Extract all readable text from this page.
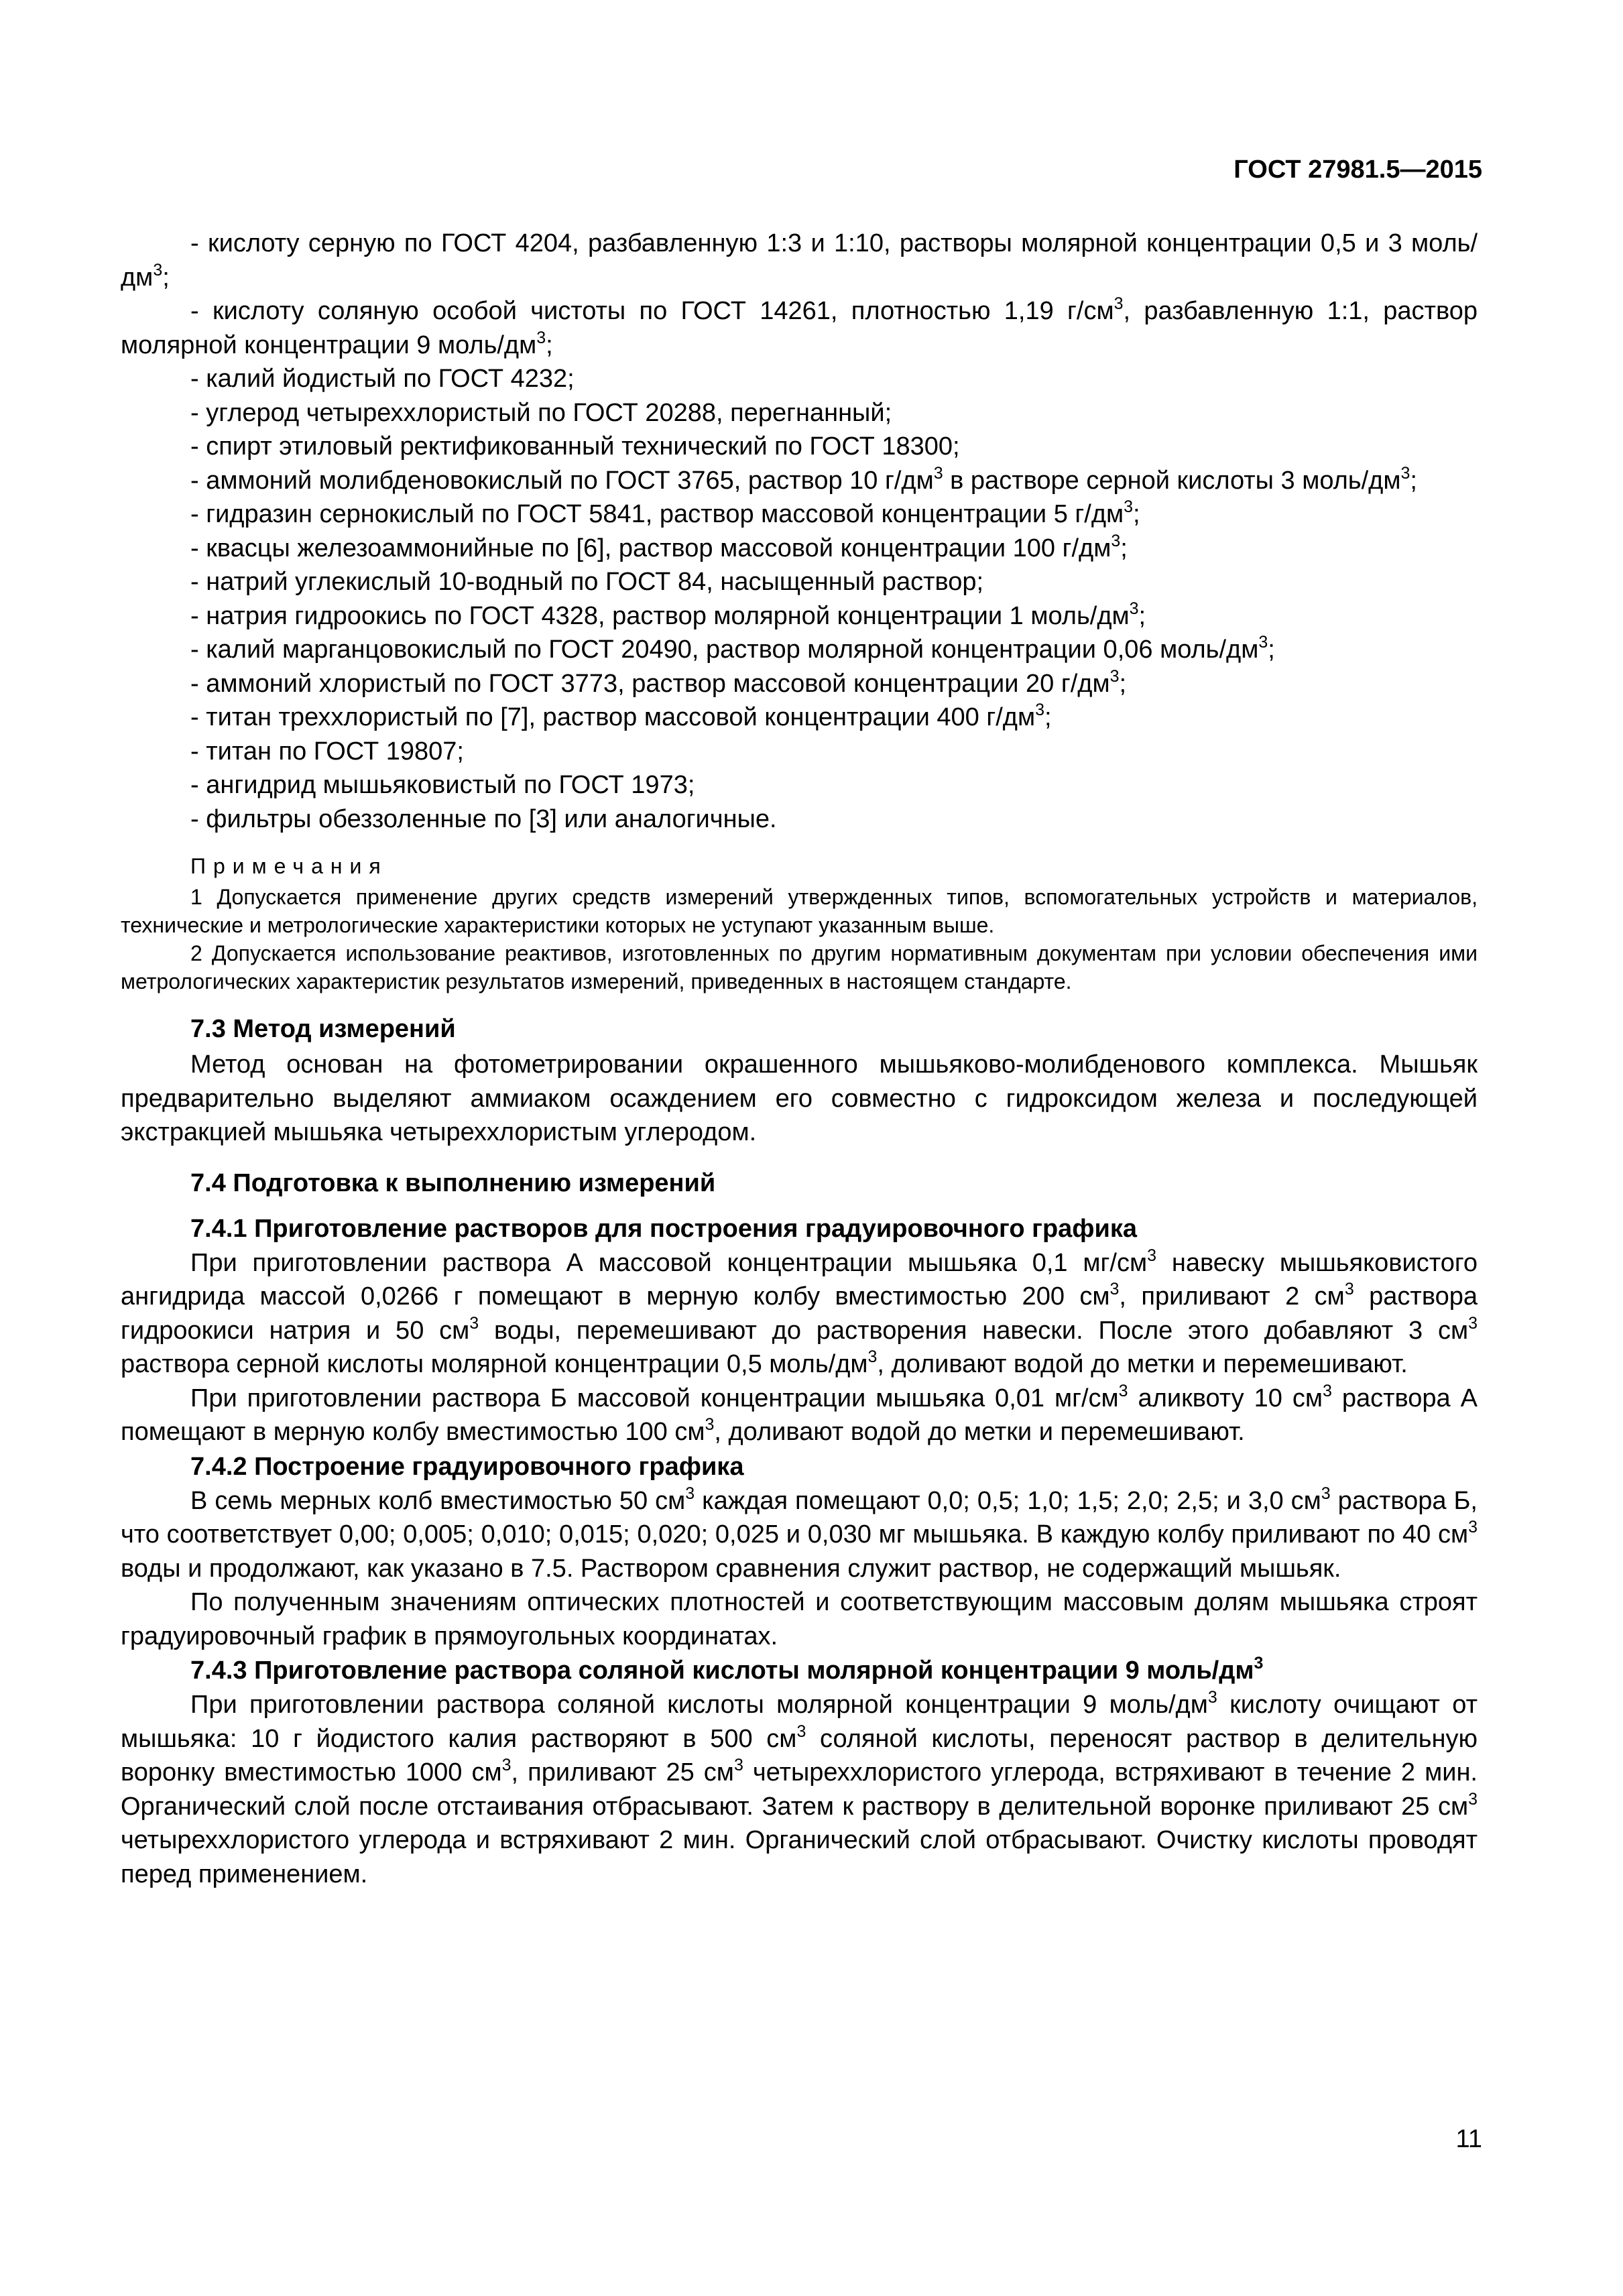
ГОСТ 27981.5—2015

- кислоту серную по ГОСТ 4204, разбавленную 1:3 и 1:10, растворы молярной концентрации 0,5 и 3 моль/$дм^3$;

- кислоту соляную особой чистоты по ГОСТ 14261, плотностью 1,19 $г/см^3$, разбавленную 1:1, раствор молярной концентрации 9 моль/$дм^3$;

- калий йодистый по ГОСТ 4232;

- углерод четыреххлористый по ГОСТ 20288, перегнанный;

- спирт этиловый ректификованный технический по ГОСТ 18300;

- аммоний молибденовокислый по ГОСТ 3765, раствор 10 $г/дм^3$ в растворе серной кислоты 3 моль/$дм^3$;

- гидразин сернокислый по ГОСТ 5841, раствор массовой концентрации 5 $г/дм^3$;

- квасцы железоаммонийные по [6], раствор массовой концентрации 100 $г/дм^3$;

- натрий углекислый 10-водный по ГОСТ 84, насыщенный раствор;

- натрия гидроокись по ГОСТ 4328, раствор молярной концентрации 1 моль/$дм^3$;

- калий марганцовокислый по ГОСТ 20490, раствор молярной концентрации 0,06 моль/$дм^3$;

- аммоний хлористый по ГОСТ 3773, раствор массовой концентрации 20 $г/дм^3$;

- титан треххлористый по [7], раствор массовой концентрации 400 $г/дм^3$;

- титан по ГОСТ 19807;

- ангидрид мышьяковистый по ГОСТ 1973;

- фильтры обеззоленные по [3] или аналогичные.

Примечания

1 Допускается применение других средств измерений утвержденных типов, вспомогательных устройств и материалов, технические и метрологические характеристики которых не уступают указанным выше.

2 Допускается использование реактивов, изготовленных по другим нормативным документам при условии обеспечения ими метрологических характеристик результатов измерений, приведенных в настоящем стандарте.

7.3 Метод измерений

Метод основан на фотометрировании окрашенного мышьяково-молибденового комплекса. Мышьяк предварительно выделяют аммиаком осаждением его совместно с гидроксидом железа и последующей экстракцией мышьяка четыреххлористым углеродом.

7.4 Подготовка к выполнению измерений

7.4.1 Приготовление растворов для построения градуировочного графика

При приготовлении раствора А массовой концентрации мышьяка 0,1 $мг/см^3$ навеску мышьяковистого ангидрида массой 0,0266 г помещают в мерную колбу вместимостью 200 $см^3$, приливают 2 $см^3$ раствора гидроокиси натрия и 50 $см^3$ воды, перемешивают до растворения навески. После этого добавляют 3 $см^3$ раствора серной кислоты молярной концентрации 0,5 моль/$дм^3$, доливают водой до метки и перемешивают.

При приготовлении раствора Б массовой концентрации мышьяка 0,01 $мг/см^3$ аликвоту 10 $см^3$ раствора А помещают в мерную колбу вместимостью 100 $см^3$, доливают водой до метки и перемешивают.

7.4.2 Построение градуировочного графика

В семь мерных колб вместимостью 50 $см^3$ каждая помещают 0,0; 0,5; 1,0; 1,5; 2,0; 2,5; и 3,0 $см^3$ раствора Б, что соответствует 0,00; 0,005; 0,010; 0,015; 0,020; 0,025 и 0,030 мг мышьяка. В каждую колбу приливают по 40 $см^3$ воды и продолжают, как указано в 7.5. Раствором сравнения служит раствор, не содержащий мышьяк.

По полученным значениям оптических плотностей и соответствующим массовым долям мышьяка строят градуировочный график в прямоугольных координатах.

7.4.3 Приготовление раствора соляной кислоты молярной концентрации 9 моль/$дм^3$

При приготовлении раствора соляной кислоты молярной концентрации 9 моль/$дм^3$ кислоту очищают от мышьяка: 10 г йодистого калия растворяют в 500 $см^3$ соляной кислоты, переносят раствор в делительную воронку вместимостью 1000 $см^3$, приливают 25 $см^3$ четыреххлористого углерода, встряхивают в течение 2 мин. Органический слой после отстаивания отбрасывают. Затем к раствору в делительной воронке приливают 25 $см^3$ четыреххлористого углерода и встряхивают 2 мин. Органический слой отбрасывают. Очистку кислоты проводят перед применением.

11
